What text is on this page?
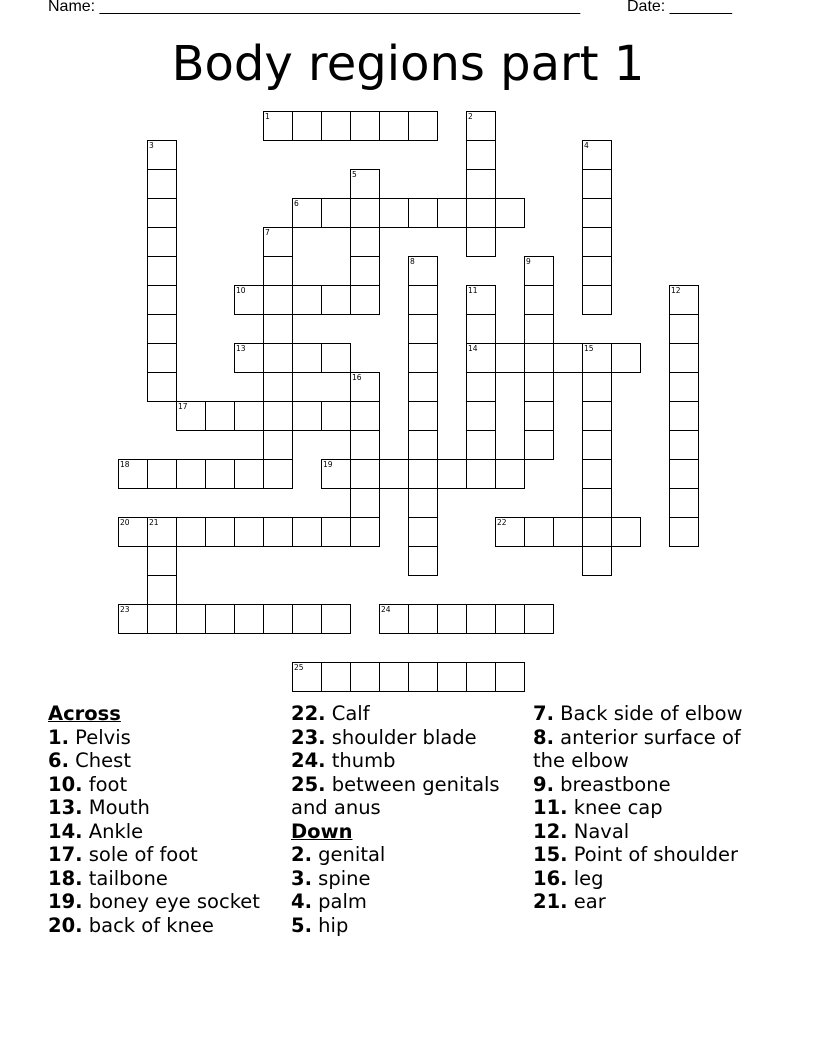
Name: ______________________________________________________	Date: _______
Body regions part 1
1
6
10
13	14	15
17
18	19
20	21	22
23	24
25
2
3	4
5
7
8	9
11	12
16
Across
1. Pelvis
6. Chest
10. foot
13. Mouth
14. Ankle
17. sole of foot
18. tailbone
19. boney eye socket
20. back of knee
22. Calf
23. shoulder blade
24. thumb
25. between genitals and anus
Down
2. genital
3. spine
4. palm
5. hip
7. Back side of elbow
8. anterior surface of the elbow
9. breastbone
11. knee cap
12. Naval
15. Point of shoulder
16. leg
21. ear
